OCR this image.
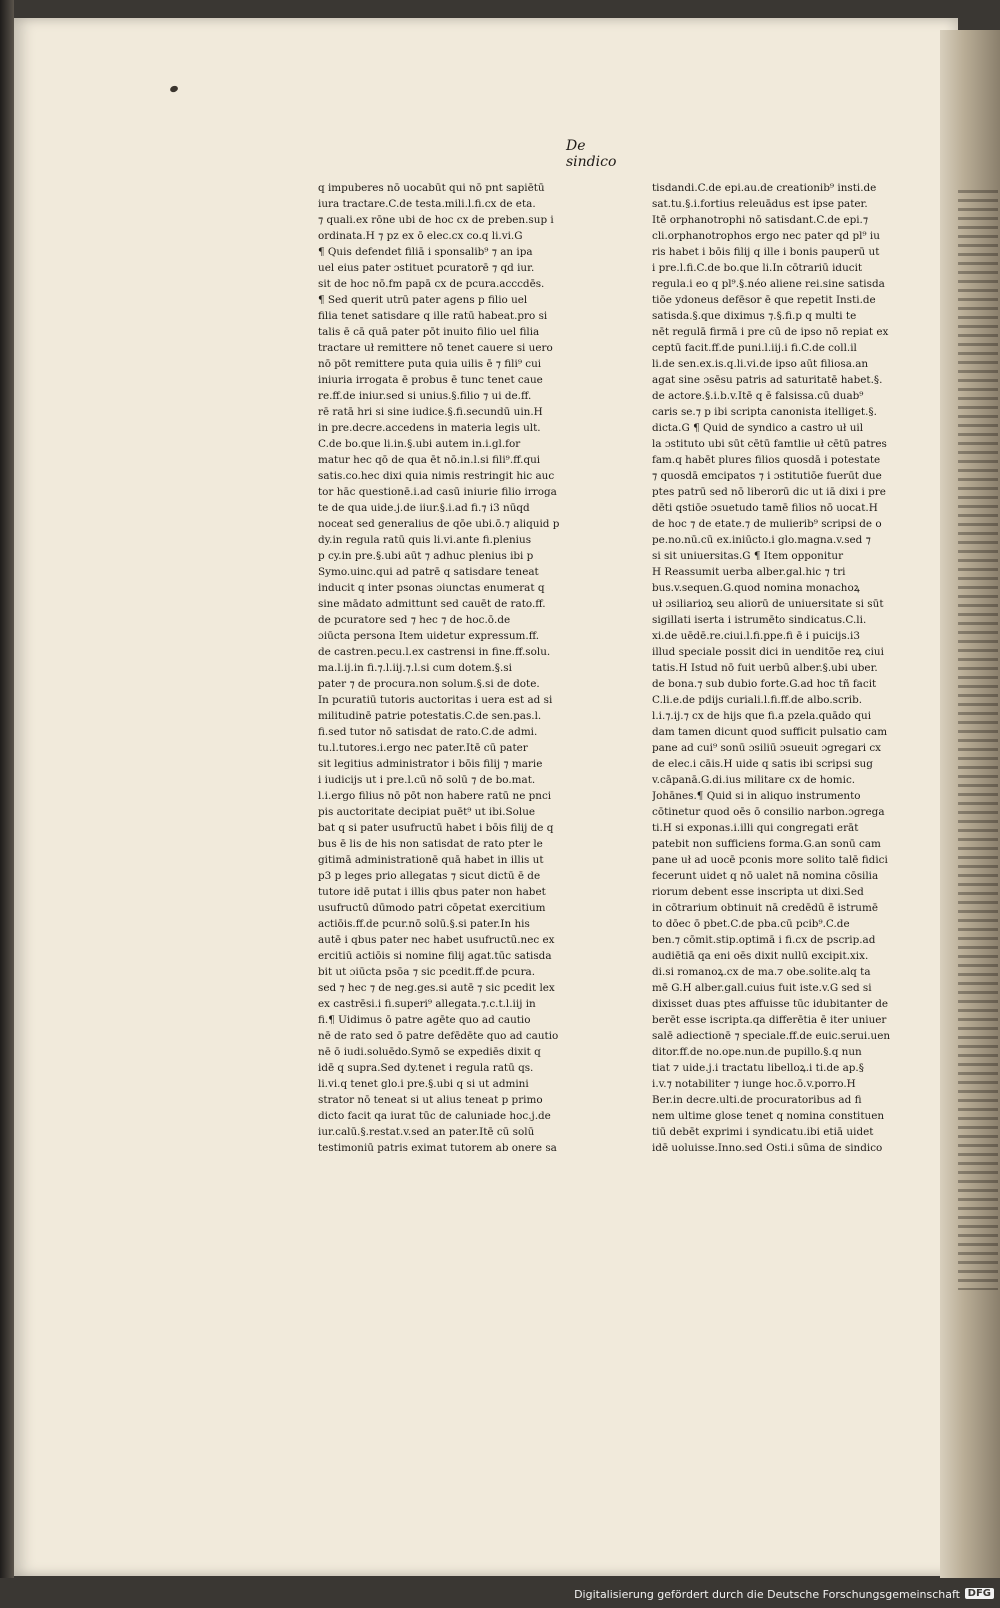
De sindico
q impuberes nō uocabūt qui nō pnt sapiētū
iura tractare.C.de testa.mili.l.fi.cx de eta.
⁊ quali.ex rōne ubi de hoc cx de preben.sup i
ordinata.H ⁊ pz ex ō elec.cx co.q li.vi.G
¶ Quis defendet filiā i sponsalib⁹ ⁊ an ipa
uel eius pater ɔstituet pcuratorē ⁊ qd iur.
sit de hoc nō.fm papā cx de pcura.acccdēs.
¶ Sed querit utrū pater agens p filio uel
filia tenet satisdare q ille ratū habeat.pro si
talis ē cā quā pater pōt inuito filio uel filia
tractare uł remittere nō tenet cauere si uero
nō pōt remittere puta quia uilis ē ⁊ fili⁹ cui
iniuria irrogata ē probus ē tunc tenet caue
re.ff.de iniur.sed si unius.§.filio ⁊ ui de.ff.
rē ratā hri si sine iudice.§.fi.secundū uin.H
in pre.decre.accedens in materia legis ult.
C.de bo.que li.in.§.ubi autem in.i.gl.for
matur hec qō de qua ēt nō.in.l.si fili⁹.ff.qui
satis.co.hec dixi quia nimis restringit hic auc
tor hāc questionē.i.ad casū iniurie filio irroga
te de qua uide.j.de iiur.§.i.ad fi.⁊ i3 nūqd
noceat sed generalius de qōe ubi.ō.⁊ aliquid p
dy.in regula ratū quis li.vi.ante fi.plenius
p cy.in pre.§.ubi aūt ⁊ adhuc plenius ibi p
Symo.uinc.qui ad patrē q satisdare teneat
inducit q inter psonas ɔiunctas enumerat q
sine mādato admittunt sed cauēt de rato.ff.
de pcuratore sed ⁊ hec ⁊ de hoc.ō.de
ɔiūcta persona Item uidetur expressum.ff.
de castren.pecu.l.ex castrensi in fine.ff.solu.
ma.l.ij.in fi.⁊.l.iij.⁊.l.si cum dotem.§.si
pater ⁊ de procura.non solum.§.si de dote.
In pcuratiū tutoris auctoritas i uera est ad si
militudinē patrie potestatis.C.de sen.pas.l.
fi.sed tutor nō satisdat de rato.C.de admi.
tu.l.tutores.i.ergo nec pater.Itē cū pater
sit legitius administrator i bōis filij ⁊ marie
i iudicijs ut i pre.l.cū nō solū ⁊ de bo.mat.
l.i.ergo filius nō pōt non habere ratū ne pnci
pis auctoritate decipiat puēt⁹ ut ibi.Solue
bat q si pater usufructū habet i bōis filij de q
bus ē lis de his non satisdat de rato pter le
gitimā administrationē quā habet in illis ut
p3 p leges prio allegatas ⁊ sicut dictū ē de
tutore idē putat i illis qbus pater non habet
usufructū dūmodo patri cōpetat exercitium
actiōis.ff.de pcur.nō solū.§.si pater.In his
autē i qbus pater nec habet usufructū.nec ex
ercitiū actiōis si nomine filij agat.tūc satisda
bit ut ɔiūcta psōa ⁊ sic pcedit.ff.de pcura.
sed ⁊ hec ⁊ de neg.ges.si autē ⁊ sic pcedit lex
ex castrēsi.i fi.superi⁹ allegata.⁊.c.t.l.iij in
fi.¶ Uidimus ō patre agēte quo ad cautio
nē de rato sed ō patre defēdēte quo ad cautio
nē ō iudi.soluēdo.Symō se expediēs dixit q
idē q supra.Sed dy.tenet i regula ratū qs.
li.vi.q tenet glo.i pre.§.ubi q si ut admini
strator nō teneat si ut alius teneat p primo
dicto facit qa iurat tūc de caluniade hoc.j.de
iur.calū.§.restat.v.sed an pater.Itē cū solū
testimoniū patris eximat tutorem ab onere sa
tisdandi.C.de epi.au.de creationib⁹ insti.de
sat.tu.§.i.fortius releuādus est ipse pater.
Itē orphanotrophi nō satisdant.C.de epi.⁊
cli.orphanotrophos ergo nec pater qd pl⁹ iu
ris habet i bōis filij q ille i bonis pauperū ut
i pre.l.fi.C.de bo.que li.In cōtrariū iducit
regula.i eo q pl⁹.§.néo aliene rei.sine satisda
tiōe ydoneus defēsor ē que repetit Insti.de
satisda.§.que diximus ⁊.§.fi.p q multi te
nēt regulā firmā i pre cū de ipso nō repiat ex
ceptū facit.ff.de puni.l.iij.i fi.C.de coll.il
li.de sen.ex.is.q.li.vi.de ipso aūt filiosa.an
agat sine ɔsēsu patris ad saturitatē habet.§.
de actore.§.i.b.v.Itē q ē falsissa.cū duab⁹
caris se.⁊ p ibi scripta canonista itelliget.§.
dicta.G ¶ Quid de syndico a castro uł uil
la ɔstituto ubi sūt cētū famtlie uł cētū patres
fam.q habēt plures filios quosdā i potestate
⁊ quosdā emcipatos ⁊ i ɔstitutiōe fuerūt due
ptes patrū sed nō liberorū dic ut iā dixi i pre
dēti qstiōe ɔsuetudo tamē filios nō uocat.H
de hoc ⁊ de etate.⁊ de mulierib⁹ scripsi de o
pe.no.nū.cū ex.iniūcto.i glo.magna.v.sed ⁊
si sit uniuersitas.G ¶ Item opponitur
H Reassumit uerba alber.gal.hic ⁊ tri
bus.v.sequen.G.quod nomina monachoꝝ
uł ɔsiliarioꝝ seu aliorū de uniuersitate si sūt
sigillati iserta i istrumēto sindicatus.C.li.
xi.de uēdē.re.ciui.l.fi.ppe.fi ē i puicijs.i3
illud speciale possit dici in uenditōe reꝝ ciui
tatis.H Istud nō fuit uerbū alber.§.ubi uber.
de bona.⁊ sub dubio forte.G.ad hoc tñ facit
C.li.e.de pdijs curiali.l.fi.ff.de albo.scrib.
l.i.⁊.ij.⁊ cx de hijs que fi.a pzela.quādo qui
dam tamen dicunt quod sufficit pulsatio cam
pane ad cui⁹ sonū ɔsiliū ɔsueuit ɔgregari cx
de elec.i cāis.H uide q satis ibi scripsi sug
v.cāpanā.G.di.ius militare cx de homic.
Johānes.¶ Quid si in aliquo instrumento
cōtinetur quod oēs ō consilio narbon.ɔgrega
ti.H si exponas.i.illi qui congregati erāt
patebit non sufficiens forma.G.an sonū cam
pane uł ad uocē pconis more solito talē fidici
fecerunt uidet q nō ualet nā nomina cōsilia
riorum debent esse inscripta ut dixi.Sed
in cōtrarium obtinuit nā credēdū ē istrumē
to dōec ō pbet.C.de pba.cū pcib⁹.C.de
ben.⁊ cōmit.stip.optimā i fi.cx de pscrip.ad
audiētiā qa eni oēs dixit nullū excipit.xix.
di.si romanoꝝ.cx de ma.⁊ obe.solite.alq ta
mē G.H alber.gall.cuius fuit iste.v.G sed si
dixisset duas ptes affuisse tūc idubitanter de
berēt esse iscripta.qa differētia ē iter uniuer
salē adiectionē ⁊ speciale.ff.de euic.serui.uen
ditor.ff.de no.ope.nun.de pupillo.§.q nun
tiat ⁊ uide.j.i tractatu libelloꝝ.i ti.de ap.§
i.v.⁊ notabiliter ⁊ iunge hoc.ō.v.porro.H
Ber.in decre.ulti.de procuratoribus ad fi
nem ultime glose tenet q nomina constituen
tiū debēt exprimi i syndicatu.ibi etiā uidet
idē uoluisse.Inno.sed Osti.i sūma de sindico
Digitalisierung gefördert durch die Deutsche Forschungsgemeinschaft DFG
